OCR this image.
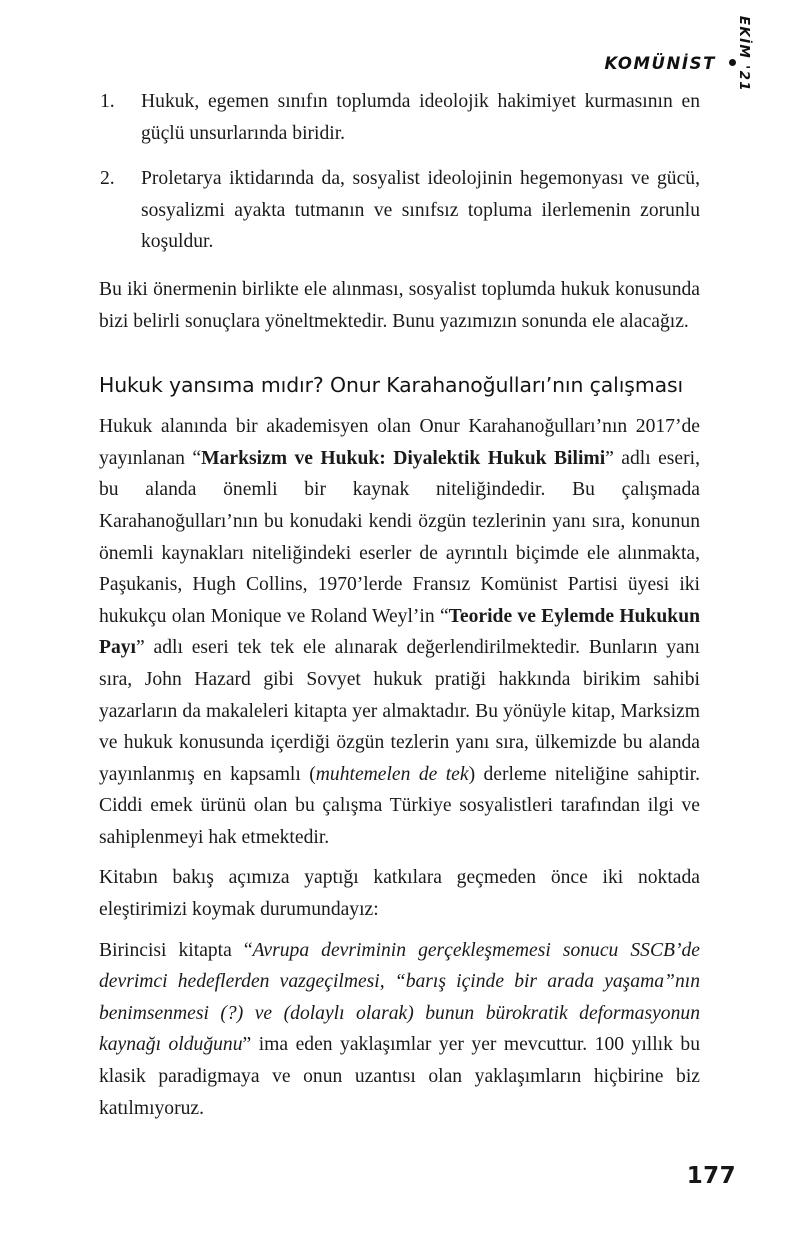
KOMÜNİST EKİM '21
1.	Hukuk, egemen sınıfın toplumda ideolojik hakimiyet kurmasının en güçlü unsurlarında biridir.
2.	Proletarya iktidarında da, sosyalist ideolojinin hegemonyası ve gücü, sosyalizmi ayakta tutmanın ve sınıfsız topluma ilerlemenin zorunlu koşuldur.

Bu iki önermenin birlikte ele alınması, sosyalist toplumda hukuk konusunda bizi belirli sonuçlara yöneltmektedir. Bunu yazımızın sonunda ele alacağız.

Hukuk yansıma mıdır? Onur Karahanoğulları’nın çalışması

Hukuk alanında bir akademisyen olan Onur Karahanoğulları’nın 2017’de yayınlanan “Marksizm ve Hukuk: Diyalektik Hukuk Bilimi” adlı eseri, bu alanda önemli bir kaynak niteliğindedir. Bu çalışmada Karahanoğulları’nın bu konudaki kendi özgün tezlerinin yanı sıra, konunun önemli kaynakları niteliğindeki eserler de ayrıntılı biçimde ele alınmakta, Paşukanis, Hugh Collins, 1970’lerde Fransız Komünist Partisi üyesi iki hukukçu olan Monique ve Roland Weyl’in “Teoride ve Eylemde Hukukun Payı” adlı eseri tek tek ele alınarak değerlendirilmektedir. Bunların yanı sıra, John Hazard gibi Sovyet hukuk pratiği hakkında birikim sahibi yazarların da makaleleri kitapta yer almaktadır. Bu yönüyle kitap, Marksizm ve hukuk konusunda içerdiği özgün tezlerin yanı sıra, ülkemizde bu alanda yayınlanmış en kapsamlı (muhtemelen de tek) derleme niteliğine sahiptir. Ciddi emek ürünü olan bu çalışma Türkiye sosyalistleri tarafından ilgi ve sahiplenmeyi hak etmektedir.

Kitabın bakış açımıza yaptığı katkılara geçmeden önce iki noktada eleştirimizi koymak durumundayız:

Birincisi kitapta “Avrupa devriminin gerçekleşmemesi sonucu SSCB’de devrimci hedeflerden vazgeçilmesi, “barış içinde bir arada yaşama”nın benimsenmesi (?) ve (dolaylı olarak) bunun bürokratik deformasyonun kaynağı olduğunu” ima eden yaklaşımlar yer yer mevcuttur. 100 yıllık bu klasik paradigmaya ve onun uzantısı olan yaklaşımların hiçbirine biz katılmıyoruz.

177
